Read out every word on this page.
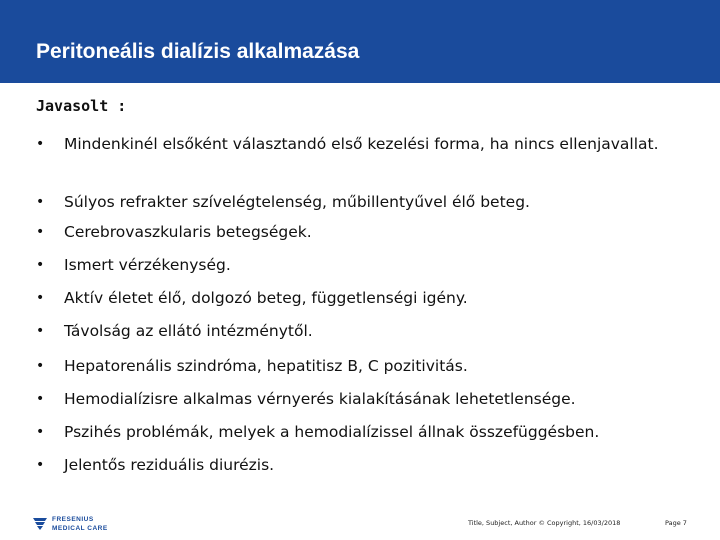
Peritoneális dialízis alkalmazása
Javasolt :
• Mindenkinél elsőként választandó első kezelési forma, ha nincs ellenjavallat.
• Súlyos refrakter szívelégtelenség, műbillentyűvel élő beteg.
• Cerebrovaszkularis betegségek.
• Ismert vérzékenység.
• Aktív életet élő, dolgozó beteg, függetlenségi igény.
• Távolság az ellátó intézménytől.
• Hepatorenális szindróma, hepatitisz B, C pozitivitás.
• Hemodialízisre alkalmas vérnyerés kialakításának lehetetlensége.
• Pszihés problémák, melyek a hemodialízissel állnak összefüggésben.
• Jelentős reziduális diurézis.
FRESENIUS
MEDICAL CARE
Title, Subject, Author © Copyright, 16/03/2018	Page 7
